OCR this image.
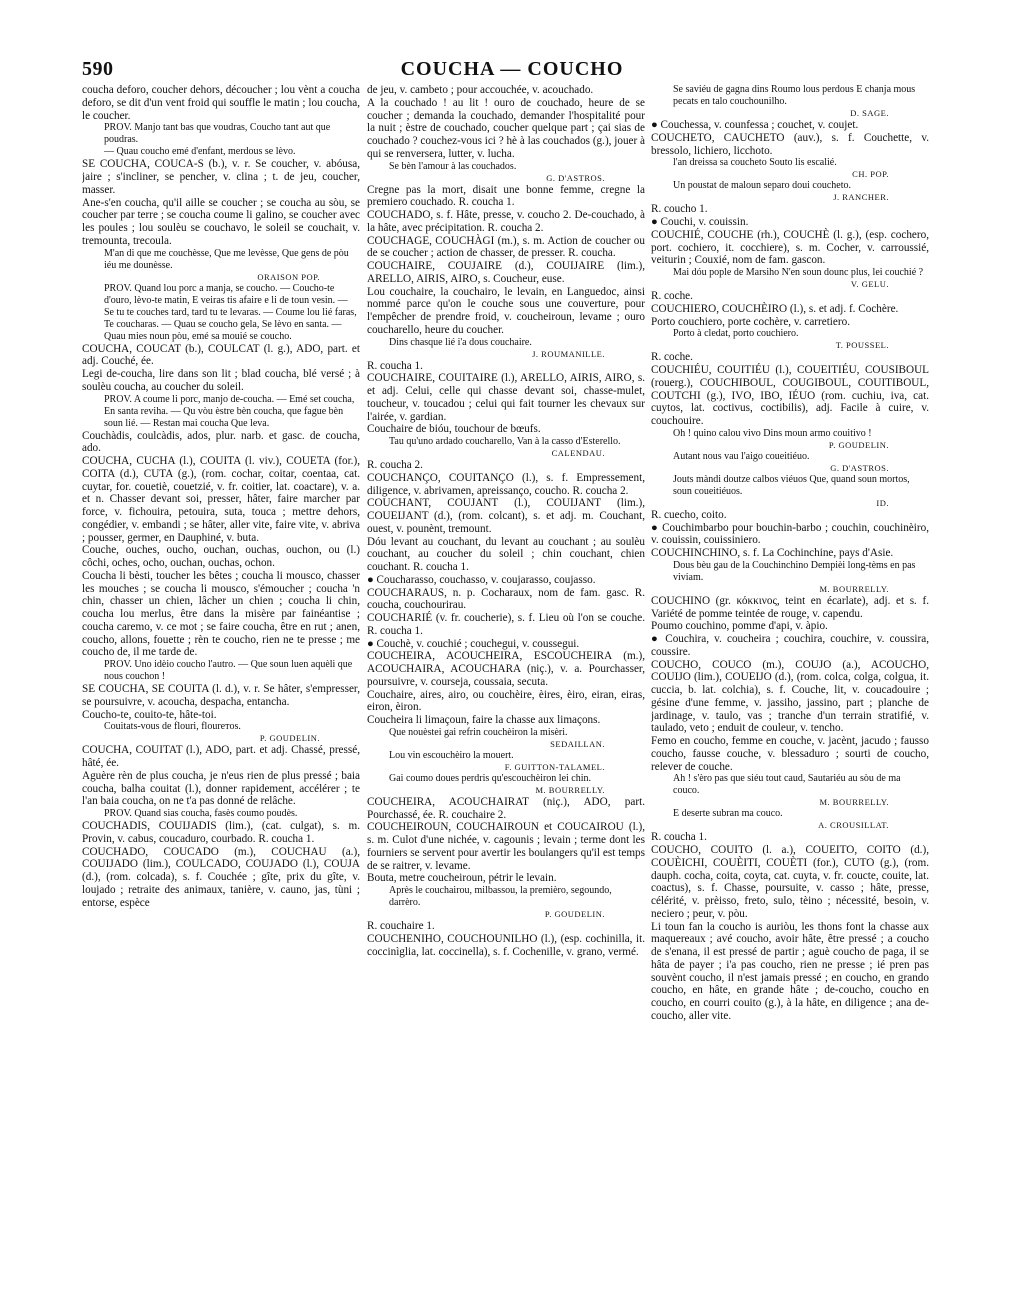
590	COUCHA — COUCHO

coucha deforo, coucher dehors, découcher ; lou vènt a coucha deforo, se dit d'un vent froid qui souffle le matin ; lou coucha, le coucher.

PROV. Manjo tant bas que voudras, Coucho tant aut que poudras.

— Quau coucho emé d'enfant, merdous se lèvo.

SE COUCHA, COUCA-S (b.), v. r. Se coucher, v. abóusa, jaire ; s'incliner, se pencher, v. clina ; t. de jeu, coucher, masser.

Ane-s'en coucha, qu'il aille se coucher ; se coucha au sòu, se coucher par terre ; se coucha coume li galino, se coucher avec les poules ; lou soulèu se couchavo, le soleil se couchait, v. tremounta, trecoula.

M'an di que me couchèsse, Que me levèsse, Que gens de pòu iéu me dounèsse.

ORAISON POP.

PROV. Quand lou porc a manja, se coucho. — Coucho-te d'ouro, lèvo-te matin, E veiras tis afaire e li de toun vesin. — Se tu te couches tard, tard tu te levaras. — Coume lou lié faras, Te coucharas. — Quau se coucho gela, Se lèvo en santa. — Quau mies noun pòu, emé sa mouié se coucho.

COUCHA, COUCAT (b.), COULCAT (l. g.), ADO, part. et adj. Couché, ée.

Legi de-coucha, lire dans son lit ; blad coucha, blé versé ; à soulèu coucha, au coucher du soleil.

PROV. A coume li porc, manjo de-coucha. — Emé set coucha, En santa reviha. — Qu vòu èstre bèn coucha, que fague bèn soun lié. — Restan mai coucha Que leva.

Couchàdis, coulcàdis, ados, plur. narb. et gasc. de coucha, ado.

COUCHA, CUCHA (l.), COUITA (l. viv.), COUETA (for.), COITA (d.), CUTA (g.), (rom. cochar, coitar, coentaa, cat. cuytar, for. couetiè, couetzié, v. fr. coitier, lat. coactare), v. a. et n. Chasser devant soi, presser, hâter, faire marcher par force, v. fichouira, petouira, suta, touca ; mettre dehors, congédier, v. embandi ; se hâter, aller vite, faire vite, v. abriva ; pousser, germer, en Dauphiné, v. buta.

Couche, ouches, oucho, ouchan, ouchas, ouchon, ou (l.) côchi, oches, ocho, ouchan, ouchas, ochon.

Coucha li bèsti, toucher les bêtes ; coucha li mousco, chasser les mouches ; se coucha li mousco, s'émoucher ; coucha 'n chin, chasser un chien, lâcher un chien ; coucha li chin, coucha lou merlus, être dans la misère par fainéantise ; coucha caremo, v. ce mot ; se faire coucha, être en rut ; anen, coucho, allons, fouette ; rèn te coucho, rien ne te presse ; me coucho de, il me tarde de.

PROV. Uno idèio coucho l'autro. — Que soun luen aquèli que nous couchon !

SE COUCHA, SE COUITA (l. d.), v. r. Se hâter, s'empresser, se poursuivre, v. acoucha, despacha, entancha.

Coucho-te, couito-te, hâte-toi.

Couitats-vous de flouri, floureтos.

P. GOUDELIN.

COUCHA, COUITAT (l.), ADO, part. et adj. Chassé, pressé, hâté, ée.

Aguère rèn de plus coucha, je n'eus rien de plus pressé ; baia coucha, balha couitat (l.), donner rapidement, accélérer ; te l'an baia coucha, on ne t'a pas donné de relâche.

PROV. Quand sias coucha, fasès coumo poudès.

COUCHADIS, COUIJADIS (lim.), (cat. culgat), s. m. Provin, v. cabus, coucaduro, courbado. R. coucha 1.

COUCHADO, COUCADO (m.), COUCHAU (a.), COUIJADO (lim.), COULCADO, COUJADO (l.), COUJA (d.), (rom. colcada), s. f. Couchée ; gîte, prix du gîte, v. loujado ; retraite des animaux, tanière, v. cauno, jas, tùni ; entorse, espèce

de jeu, v. cambeto ; pour accouchée, v. acouchado.

A la couchado ! au lit ! ouro de couchado, heure de se coucher ; demanda la couchado, demander l'hospitalité pour la nuit ; èstre de couchado, coucher quelque part ; çai sias de couchado ? couchez-vous ici ? hè à las couchados (g.), jouer à qui se renversera, lutter, v. lucha.

Se bèn l'amour à las couchados.

G. D'ASTROS.

Cregne pas la mort, disait une bonne femme, cregne la premiero couchado. R. coucha 1.

COUCHADO, s. f. Hâte, presse, v. coucho 2. De-couchado, à la hâte, avec précipitation. R. coucha 2.

COUCHAGE, COUCHÀGI (m.), s. m. Action de coucher ou de se coucher ; action de chasser, de presser. R. coucha.

COUCHAIRE, COUJAIRE (d.), COUIJAIRE (lim.), ARELLO, AIRIS, AIRO, s. Coucheur, euse.

Lou couchaire, la couchairo, le levain, en Languedoc, ainsi nommé parce qu'on le couche sous une couverture, pour l'empêcher de prendre froid, v. coucheiroun, levame ; ouro coucharello, heure du coucher.

Dins chasque lié i'a dous couchaire.

J. ROUMANILLE.

R. coucha 1.

COUCHAIRE, COUITAIRE (l.), ARELLO, AIRIS, AIRO, s. et adj. Celui, celle qui chasse devant soi, chasse-mulet, toucheur, v. toucadou ; celui qui fait tourner les chevaux sur l'airée, v. gardian.

Couchaire de bióu, touchour de bœufs.

Tau qu'uno ardado coucharello, Van à la casso d'Esterello.

CALENDAU.

R. coucha 2.

COUCHANÇO, COUITANÇO (l.), s. f. Empressement, diligence, v. abrivamen, apreissanço, coucho. R. coucha 2.

COUCHANT, COUJANT (l.), COUIJANT (lim.), COUEIJANT (d.), (rom. colcant), s. et adj. m. Couchant, ouest, v. pounènt, tremount.

Dóu levant au couchant, du levant au couchant ; au soulèu couchant, au coucher du soleil ; chin couchant, chien couchant. R. coucha 1.

● Coucharasso, couchasso, v. coujarasso, coujasso.

COUCHARAUS, n. p. Cocharaux, nom de fam. gasc. R. coucha, couchourirau.

COUCHARIÉ (v. fr. coucherie), s. f. Lieu où l'on se couche. R. coucha 1.

● Couchè, v. couchié ; couchegui, v. coussegui.

COUCHEIRA, ACOUCHEIRA, ESCOUCHEIRA (m.), ACOUCHAIRA, ACOUCHARA (niç.), v. a. Pourchasser, poursuivre, v. courseja, coussaia, secuta.

Couchaire, aires, airo, ou couchèire, èires, èiro, eiran, eiras, eiron, èiron.

Coucheira li limaçoun, faire la chasse aux limaçons.

Que nouèstei gai refrin couchèiron la misèri.

SEDAILLAN.

Lou vin escouchèiro la mouert.

F. GUITTON-TALAMEL.

Gai coumo doues perdris qu'escouchèiron lei chin.

M. BOURRELLY.

COUCHEIRA, ACOUCHAIRAT (niç.), ADO, part. Pourchassé, ée. R. couchaire 2.

COUCHEIROUN, COUCHAIROUN et COUCAIROU (l.), s. m. Culot d'une nichée, v. cagounis ; levain ; terme dont les fourniers se servent pour avertir les boulangers qu'il est temps de se raitrer, v. levame.

Bouta, metre coucheiroun, pétrir le levain.

Après le couchairou, milbassou, la premièro, segoundo, darrèro.

P. GOUDELIN.

R. couchaire 1.

COUCHENIHO, COUCHOUNILHO (l.), (esp. cochinilla, it. coccinìglia, lat. coccinella), s. f. Cochenille, v. grano, vermé.

Se saviéu de gagna dins Roumo lous perdous E chanja mous pecats en talo couchounilho.

D. SAGE.

● Couchessa, v. counfessa ; couchet, v. coujet.

COUCHETO, CAUCHETO (auv.), s. f. Couchette, v. bressolo, lichiero, licchoto.

l'an dreissa sa coucheto Souto lis escalié.

CH. POP.

Un poustat de maloun separo doui coucheto.

J. RANCHER.

R. coucho 1.

● Couchi, v. couissin.

COUCHIÉ, COUCHE (rh.), COUCHÈ (l. g.), (esp. cochero, port. cochiero, it. cocchiere), s. m. Cocher, v. carroussié, veiturin ; Couxié, nom de fam. gascon.

Mai dóu pople de Marsiho N'en soun dounc plus, lei couchié ?

V. GELU.

R. coche.

COUCHIERO, COUCHÈIRO (l.), s. et adj. f. Cochère.

Porto couchiero, porte cochère, v. carretiero.

Porto à cledat, porto couchiero.

T. POUSSEL.

R. coche.

COUCHIÉU, COUITIÉU (l.), COUEITIÉU, COUSIBOUL (rouerg.), COUCHIBOUL, COUGIBOUL, COUITIBOUL, COUTCHI (g.), IVO, IBO, IÉUO (rom. cuchiu, iva, cat. cuytos, lat. coctivus, coctibilis), adj. Facile à cuire, v. couchouire.

Oh ! quino calou vivo Dins moun armo couitivo !

P. GOUDELIN.

Autant nous vau l'aigo coueitiéuo.

G. D'ASTROS.

Jouts màndi doutze calbos viéuos Que, quand soun mortos, soun coueitiéuos.

ID.

R. cuecho, coito.

● Couchimbarbo pour bouchin-barbo ; couchin, couchinèiro, v. couissin, couissiniero.

COUCHINCHINO, s. f. La Cochinchine, pays d'Asie.

Dous bèu gau de la Couchinchino Dempièi long-tèms en pas viviam.

M. BOURRELLY.

COUCHINO (gr. κόκκινος, teint en écarlate), adj. et s. f. Variété de pomme teintée de rouge, v. capendu.

Poumo couchino, pomme d'api, v. àpio.

● Couchira, v. coucheira ; couchira, couchire, v. coussira, coussire.

COUCHO, COUCO (m.), COUJO (a.), ACOUCHO, COUIJO (lim.), COUEIJO (d.), (rom. colca, colga, colgua, it. cuccia, b. lat. colchia), s. f. Couche, lit, v. coucadouire ; gésine d'une femme, v. jassiho, jassino, part ; planche de jardinage, v. taulo, vas ; tranche d'un terrain stratifié, v. taulado, veto ; enduit de couleur, v. tencho.

Femo en coucho, femme en couche, v. jacènt, jacudo ; fausso coucho, fausse couche, v. blessaduro ; sourti de coucho, relever de couche.

Ah ! s'èro pas que siéu tout caud, Sautariéu au sòu de ma couco.

M. BOURRELLY.

E deserte subran ma couco.

A. CROUSILLAT.

R. coucha 1.

COUCHO, COUITO (l. a.), COUEITO, COITO (d.), COUÈICHI, COUÈITI, COUÈTI (for.), CUTO (g.), (rom. dauph. cocha, coita, coyta, cat. cuyta, v. fr. coucte, couite, lat. coactus), s. f. Chasse, poursuite, v. casso ; hâte, presse, célérité, v. prèisso, freto, sulo, tèino ; nécessité, besoin, v. neciero ; peur, v. pòu.

Li toun fan la coucho is auriòu, les thons font la chasse aux maquereaux ; avé coucho, avoir hâte, être pressé ; a coucho de s'enana, il est pressé de partir ; aguè coucho de paga, il se hâta de payer ; i'a pas coucho, rien ne presse ; ié pren pas souvènt coucho, il n'est jamais pressé ; en coucho, en grando coucho, en hâte, en grande hâte ; de-coucho, coucho en coucho, en courri couito (g.), à la hâte, en diligence ; ana de-coucho, aller vite.
